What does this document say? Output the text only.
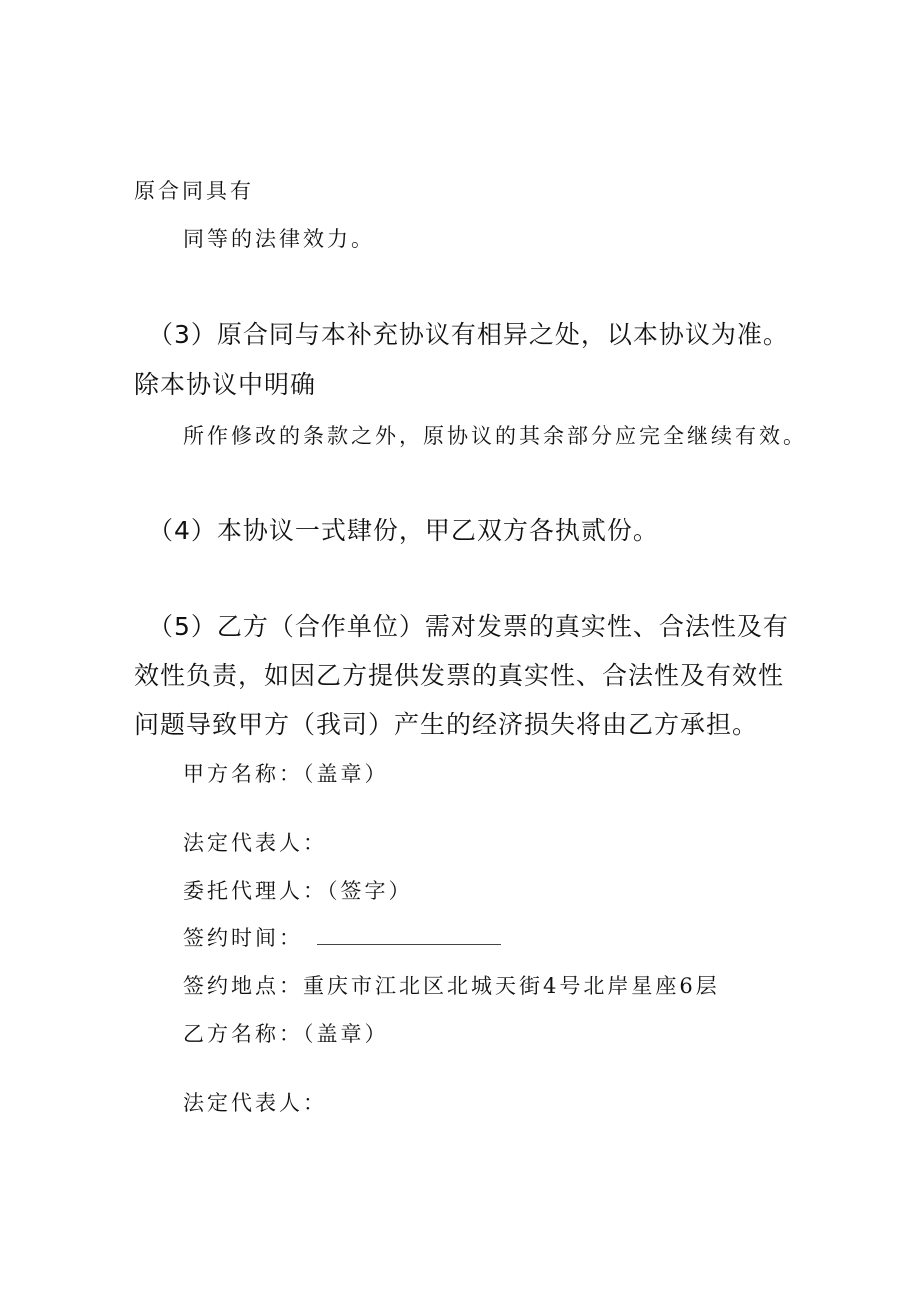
原合同具有
同等的法律效力。
（3）原合同与本补充协议有相异之处，以本协议为准。
除本协议中明确
所作修改的条款之外，原协议的其余部分应完全继续有效。
（4）本协议一式肆份，甲乙双方各执贰份。
（5）乙方（合作单位）需对发票的真实性、合法性及有
效性负责，如因乙方提供发票的真实性、合法性及有效性
问题导致甲方（我司）产生的经济损失将由乙方承担。
甲方名称：（盖章）
法定代表人：
委托代理人：（签字）
签约时间：
签约地点：重庆市江北区北城天街4号北岸星座6层
乙方名称：（盖章）
法定代表人：
